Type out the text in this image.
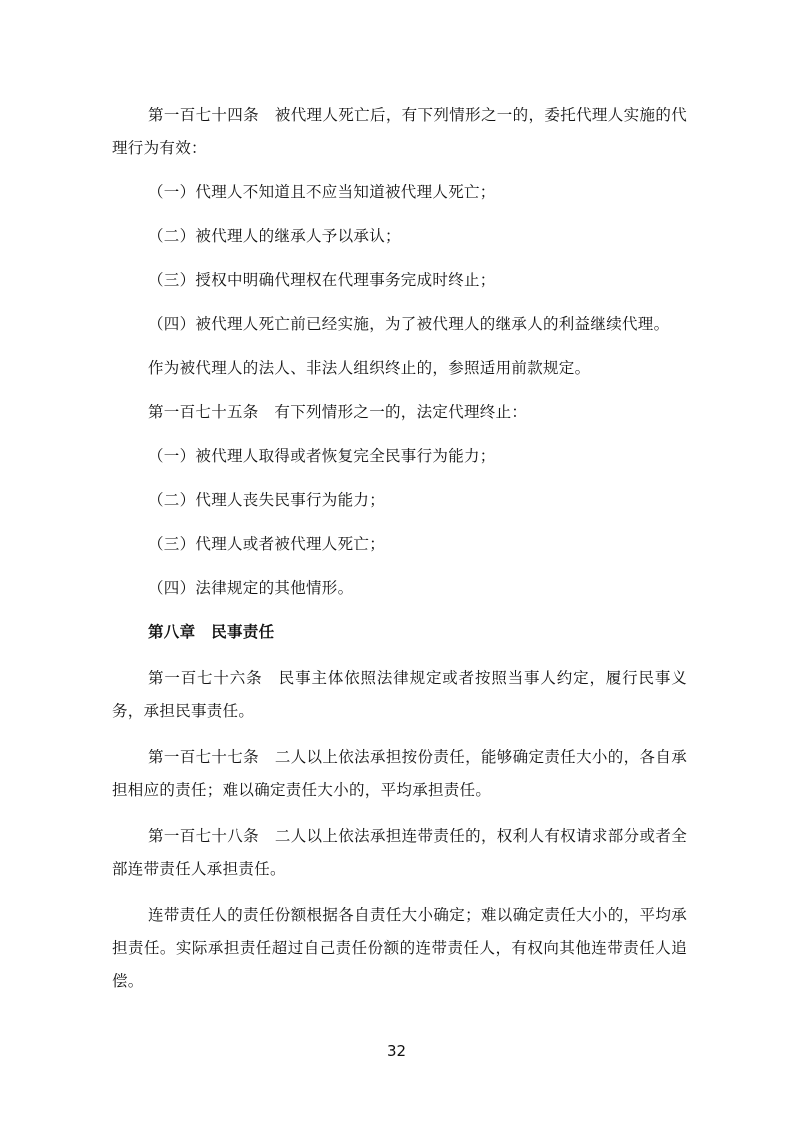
第一百七十四条　被代理人死亡后，有下列情形之一的，委托代理人实施的代理行为有效：

（一）代理人不知道且不应当知道被代理人死亡；

（二）被代理人的继承人予以承认；

（三）授权中明确代理权在代理事务完成时终止；

（四）被代理人死亡前已经实施，为了被代理人的继承人的利益继续代理。

作为被代理人的法人、非法人组织终止的，参照适用前款规定。

第一百七十五条　有下列情形之一的，法定代理终止：

（一）被代理人取得或者恢复完全民事行为能力；

（二）代理人丧失民事行为能力；

（三）代理人或者被代理人死亡；

（四）法律规定的其他情形。

第八章　民事责任

第一百七十六条　民事主体依照法律规定或者按照当事人约定，履行民事义务，承担民事责任。

第一百七十七条　二人以上依法承担按份责任，能够确定责任大小的，各自承担相应的责任；难以确定责任大小的，平均承担责任。

第一百七十八条　二人以上依法承担连带责任的，权利人有权请求部分或者全部连带责任人承担责任。

连带责任人的责任份额根据各自责任大小确定；难以确定责任大小的，平均承担责任。实际承担责任超过自己责任份额的连带责任人，有权向其他连带责任人追偿。

32
